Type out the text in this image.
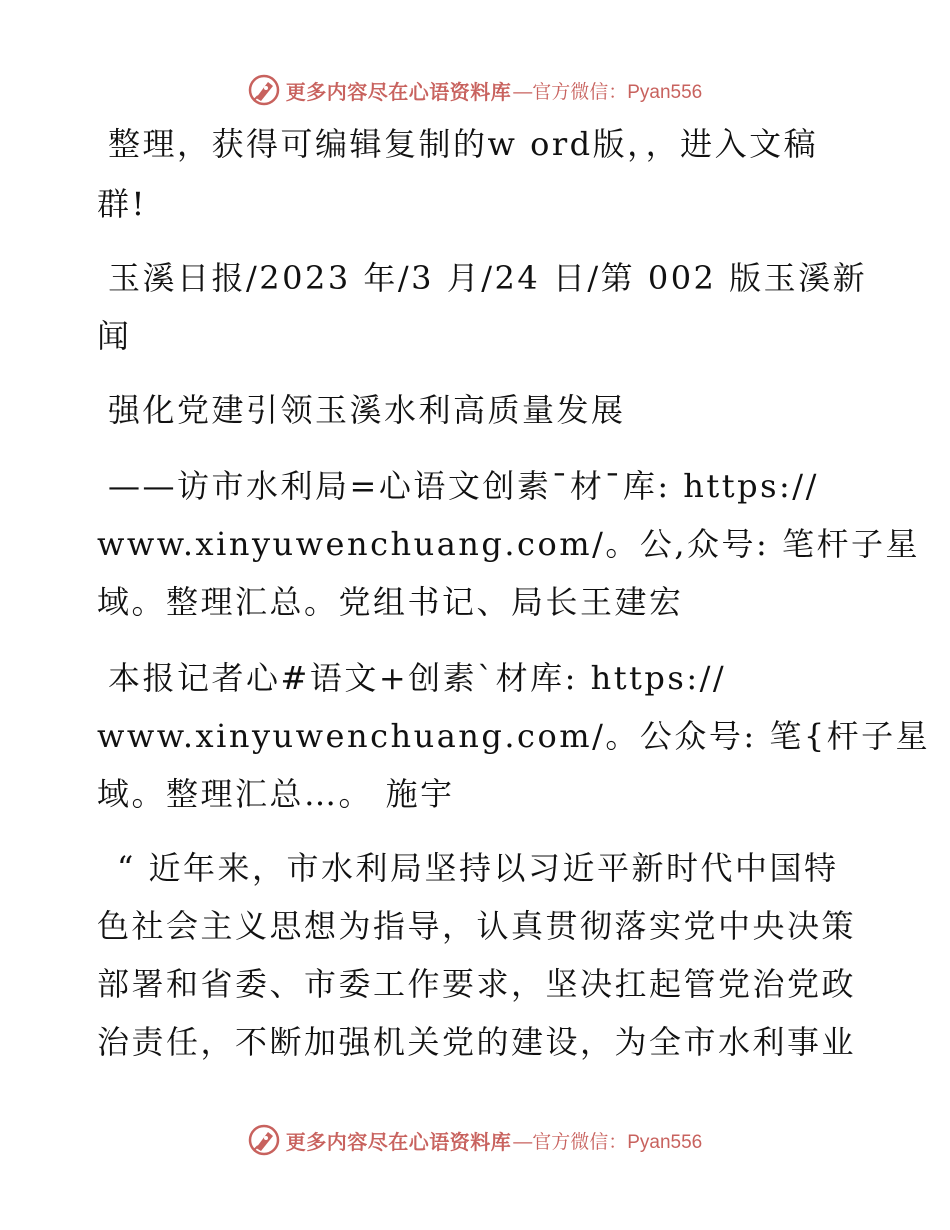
更多内容尽在心语资料库 —官方微信：Pyan556
整理，获得可编辑复制的w ord版，，进入文稿
群!
玉溪日报/2023 年/3 月/24 日/第 002 版玉溪新
闻
强化党建引领玉溪水利高质量发展
——访市水利局=心语文创素¯材¯库: https://
www.xinyuwenchuang.com/。公,众号: 笔杆子星
域。整理汇总。党组书记、局长王建宏
本报记者心#语文+创素`材库: https://
www.xinyuwenchuang.com/。公众号: 笔{杆子星
域。整理汇总…。 施宇
“ 近年来，市水利局坚持以习近平新时代中国特
色社会主义思想为指导，认真贯彻落实党中央决策
部署和省委、市委工作要求，坚决扛起管党治党政
治责任，不断加强机关党的建设，为全市水利事业
更多内容尽在心语资料库 —官方微信：Pyan556
